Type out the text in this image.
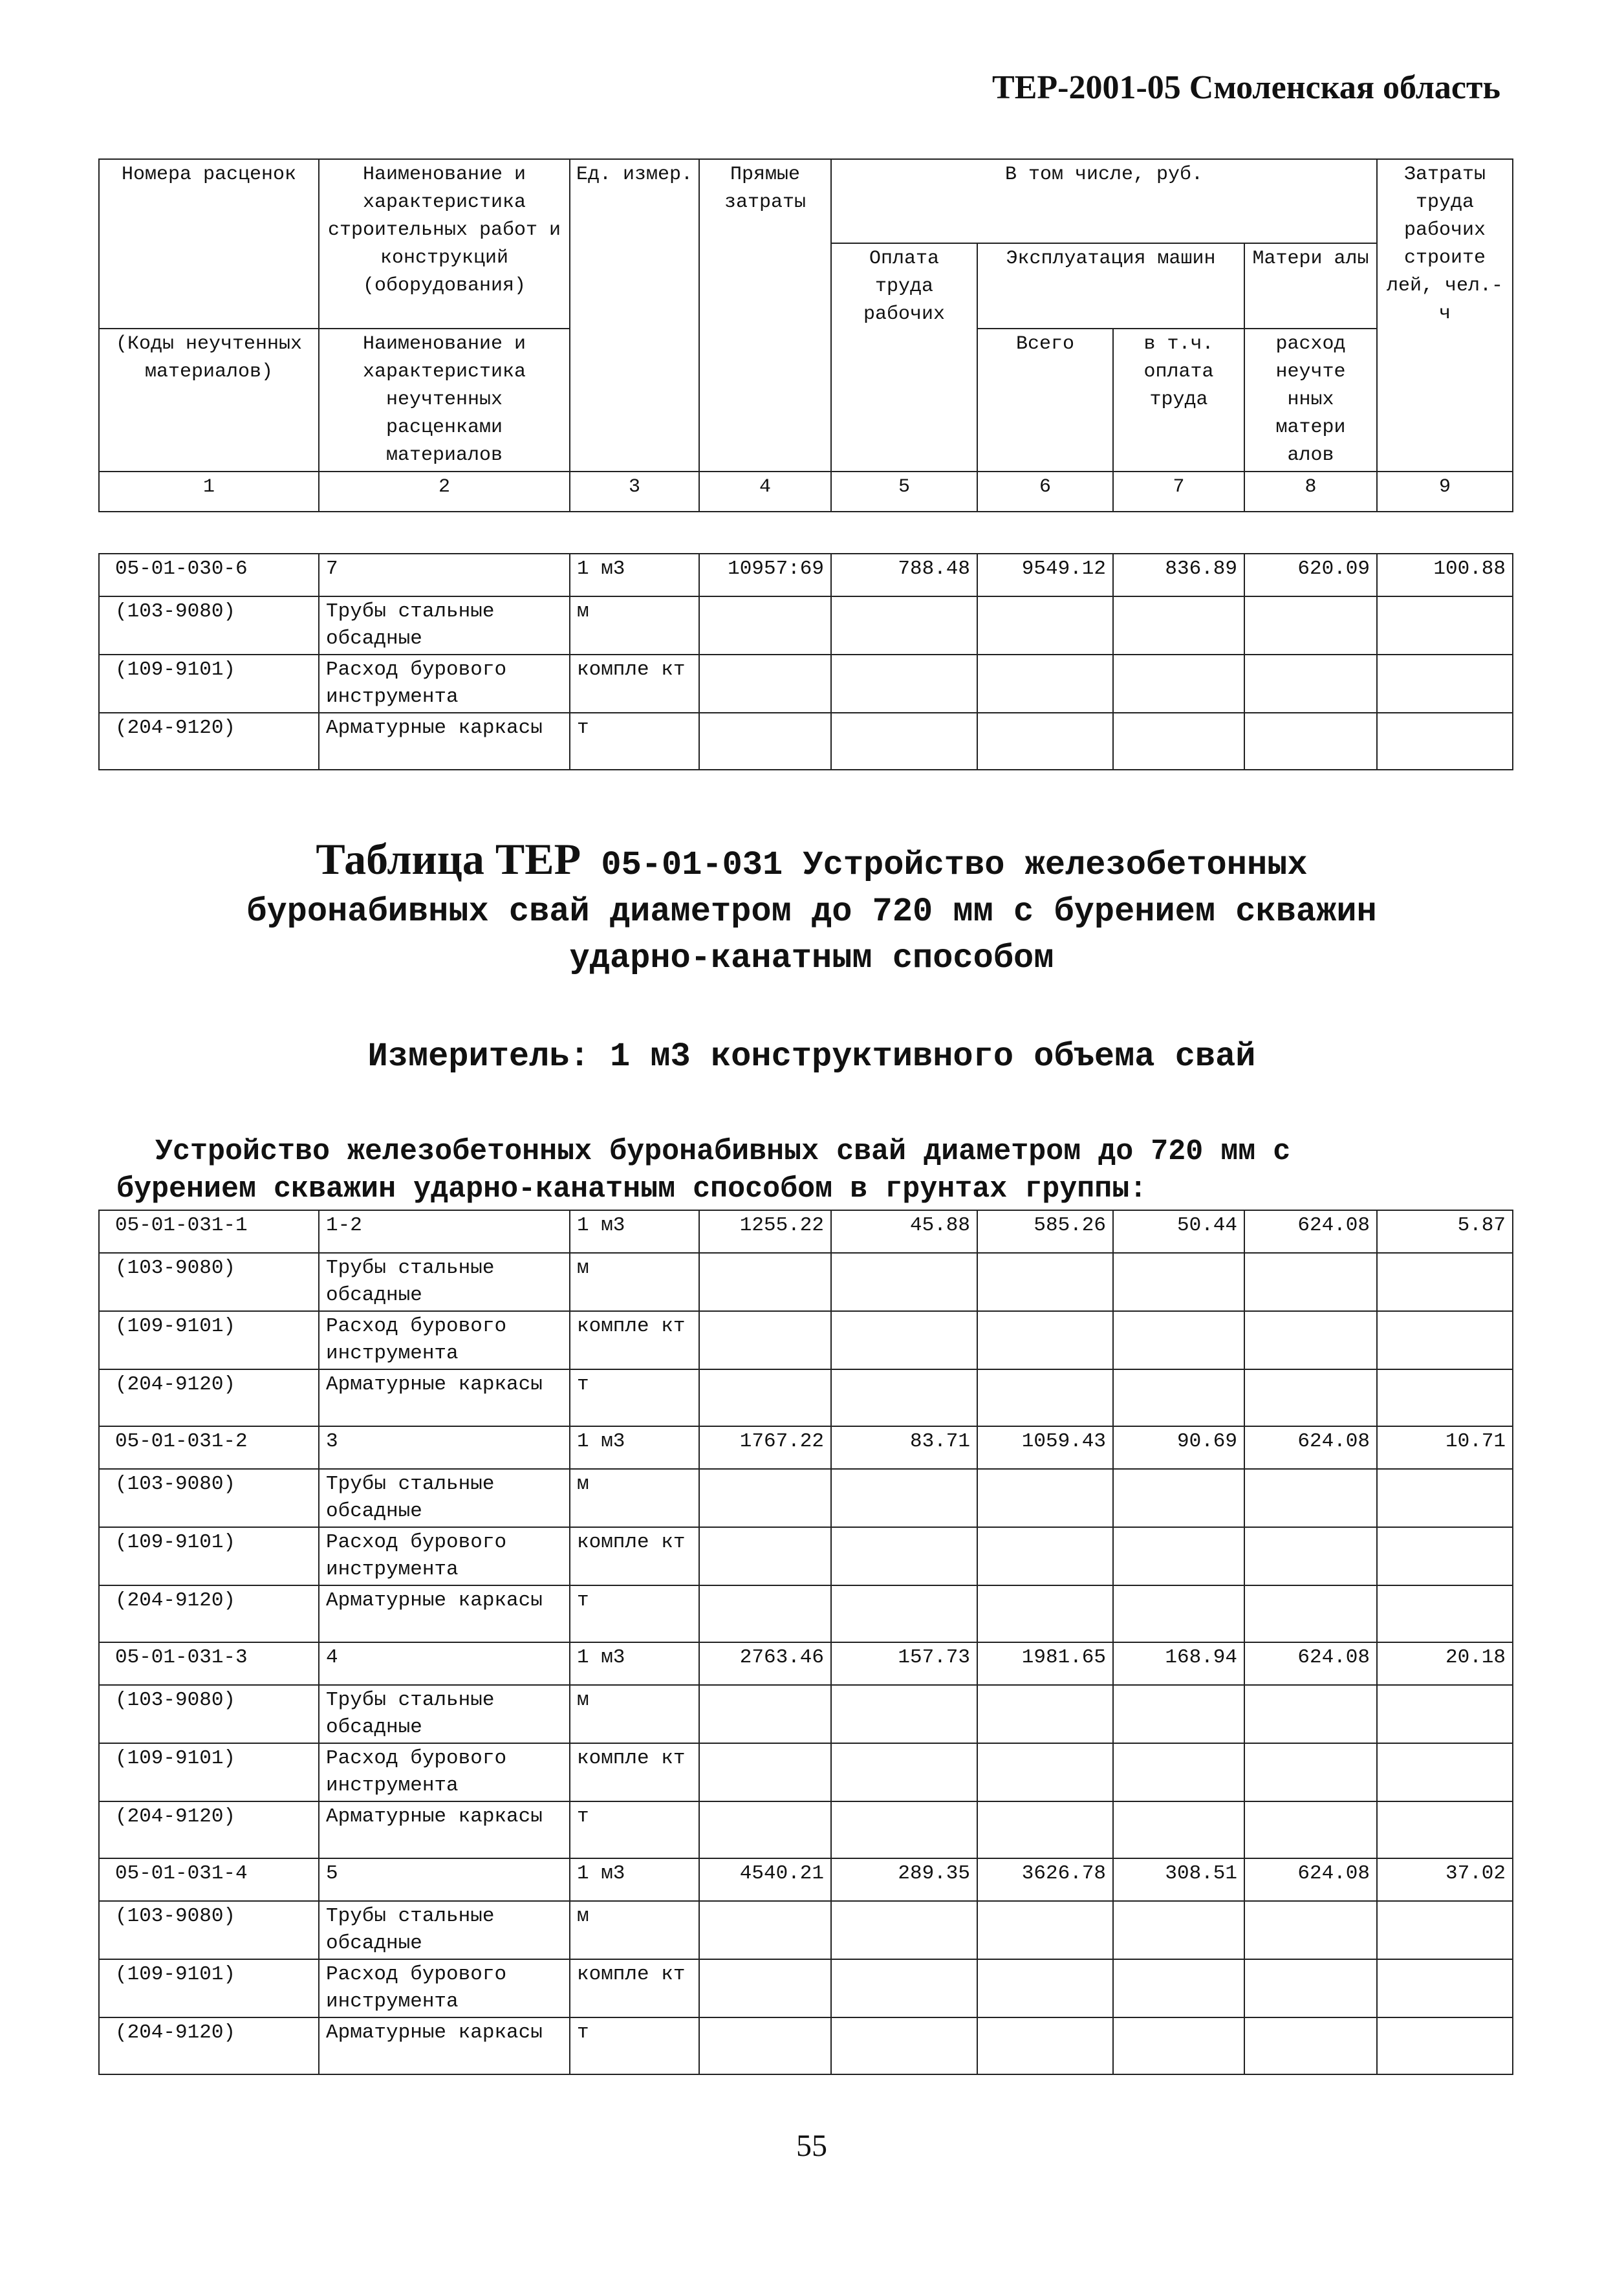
ТЕР-2001-05 Смоленская область
Номера расценок	Наименование и характеристика строительных работ и конструкций (оборудования)	Ед. измер.	Прямые затраты	В том числе, руб.				Затраты труда рабочих строите лей, чел.-ч
				Оплата труда рабочих	Эксплуатация машин		Матери алы	
(Коды неучтенных материалов)	Наименование и характеристика неучтенных расценками материалов				Всего	в т.ч. оплата труда	расход неучте нных матери алов	
1	2	3	4	5	6	7	8	9
05-01-030-6	7	1 м3	10957:69	788.48	9549.12	836.89	620.09	100.88
(103-9080)	Трубы стальные обсадные	м						
(109-9101)	Расход бурового инструмента	компле кт						
(204-9120)	Арматурные каркасы	т						
Таблица ТЕР 05-01-031 Устройство железобетонных
буронабивных свай диаметром до 720 мм с бурением скважин
ударно-канатным способом
Измеритель: 1 м3 конструктивного объема свай
Устройство железобетонных буронабивных свай диаметром до 720 мм с
бурением скважин ударно-канатным способом в грунтах группы:
05-01-031-1	1-2	1 м3	1255.22	45.88	585.26	50.44	624.08	5.87
(103-9080)	Трубы стальные обсадные	м						
(109-9101)	Расход бурового инструмента	компле кт						
(204-9120)	Арматурные каркасы	т						
05-01-031-2	3	1 м3	1767.22	83.71	1059.43	90.69	624.08	10.71
(103-9080)	Трубы стальные обсадные	м						
(109-9101)	Расход бурового инструмента	компле кт						
(204-9120)	Арматурные каркасы	т						
05-01-031-3	4	1 м3	2763.46	157.73	1981.65	168.94	624.08	20.18
(103-9080)	Трубы стальные обсадные	м						
(109-9101)	Расход бурового инструмента	компле кт						
(204-9120)	Арматурные каркасы	т						
05-01-031-4	5	1 м3	4540.21	289.35	3626.78	308.51	624.08	37.02
(103-9080)	Трубы стальные обсадные	м						
(109-9101)	Расход бурового инструмента	компле кт						
(204-9120)	Арматурные каркасы	т						
55
